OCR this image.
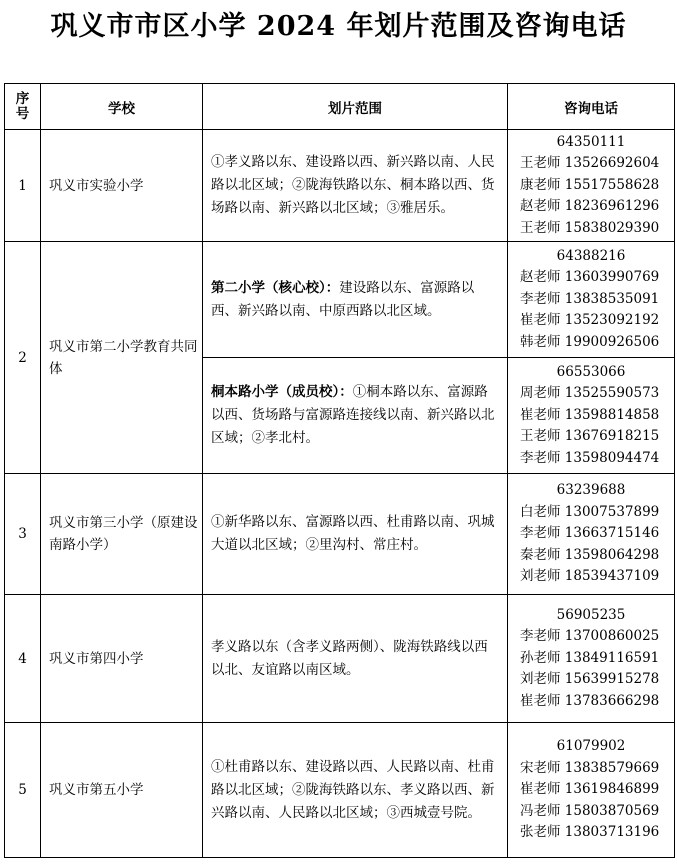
巩义市市区小学 2024 年划片范围及咨询电话
序
号	学校	划片范围	咨询电话
1	巩义市实验小学	①孝义路以东、建设路以西、新兴路以南、人民路以北区域；②陇海铁路以东、桐本路以西、货场路以南、新兴路以北区域；③雅居乐。	64350111
王老师 13526692604
康老师 15517558628
赵老师 18236961296
王老师 15838029390

2	巩义市第二小学教育共同体	第二小学（核心校）：建设路以东、富源路以西、新兴路以南、中原西路以北区域。	64388216
赵老师 13603990769
李老师 13838535091
崔老师 13523092192
韩老师 19900926506

		桐本路小学（成员校）：①桐本路以东、富源路以西、货场路与富源路连接线以南、新兴路以北区域；②孝北村。	66553066
周老师 13525590573
崔老师 13598814858
王老师 13676918215
李老师 13598094474

3	巩义市第三小学（原建设南路小学）	①新华路以东、富源路以西、杜甫路以南、巩城大道以北区域；②里沟村、常庄村。	63239688
白老师 13007537899
李老师 13663715146
秦老师 13598064298
刘老师 18539437109

4	巩义市第四小学	孝义路以东（含孝义路两侧）、陇海铁路线以西以北、友谊路以南区域。	56905235
李老师 13700860025
孙老师 13849116591
刘老师 15639915278
崔老师 13783666298

5	巩义市第五小学	①杜甫路以东、建设路以西、人民路以南、杜甫路以北区域；②陇海铁路以东、孝义路以西、新兴路以南、人民路以北区域；③西城壹号院。	61079902
宋老师 13838579669
崔老师 13619846899
冯老师 15803870569
张老师 13803713196
